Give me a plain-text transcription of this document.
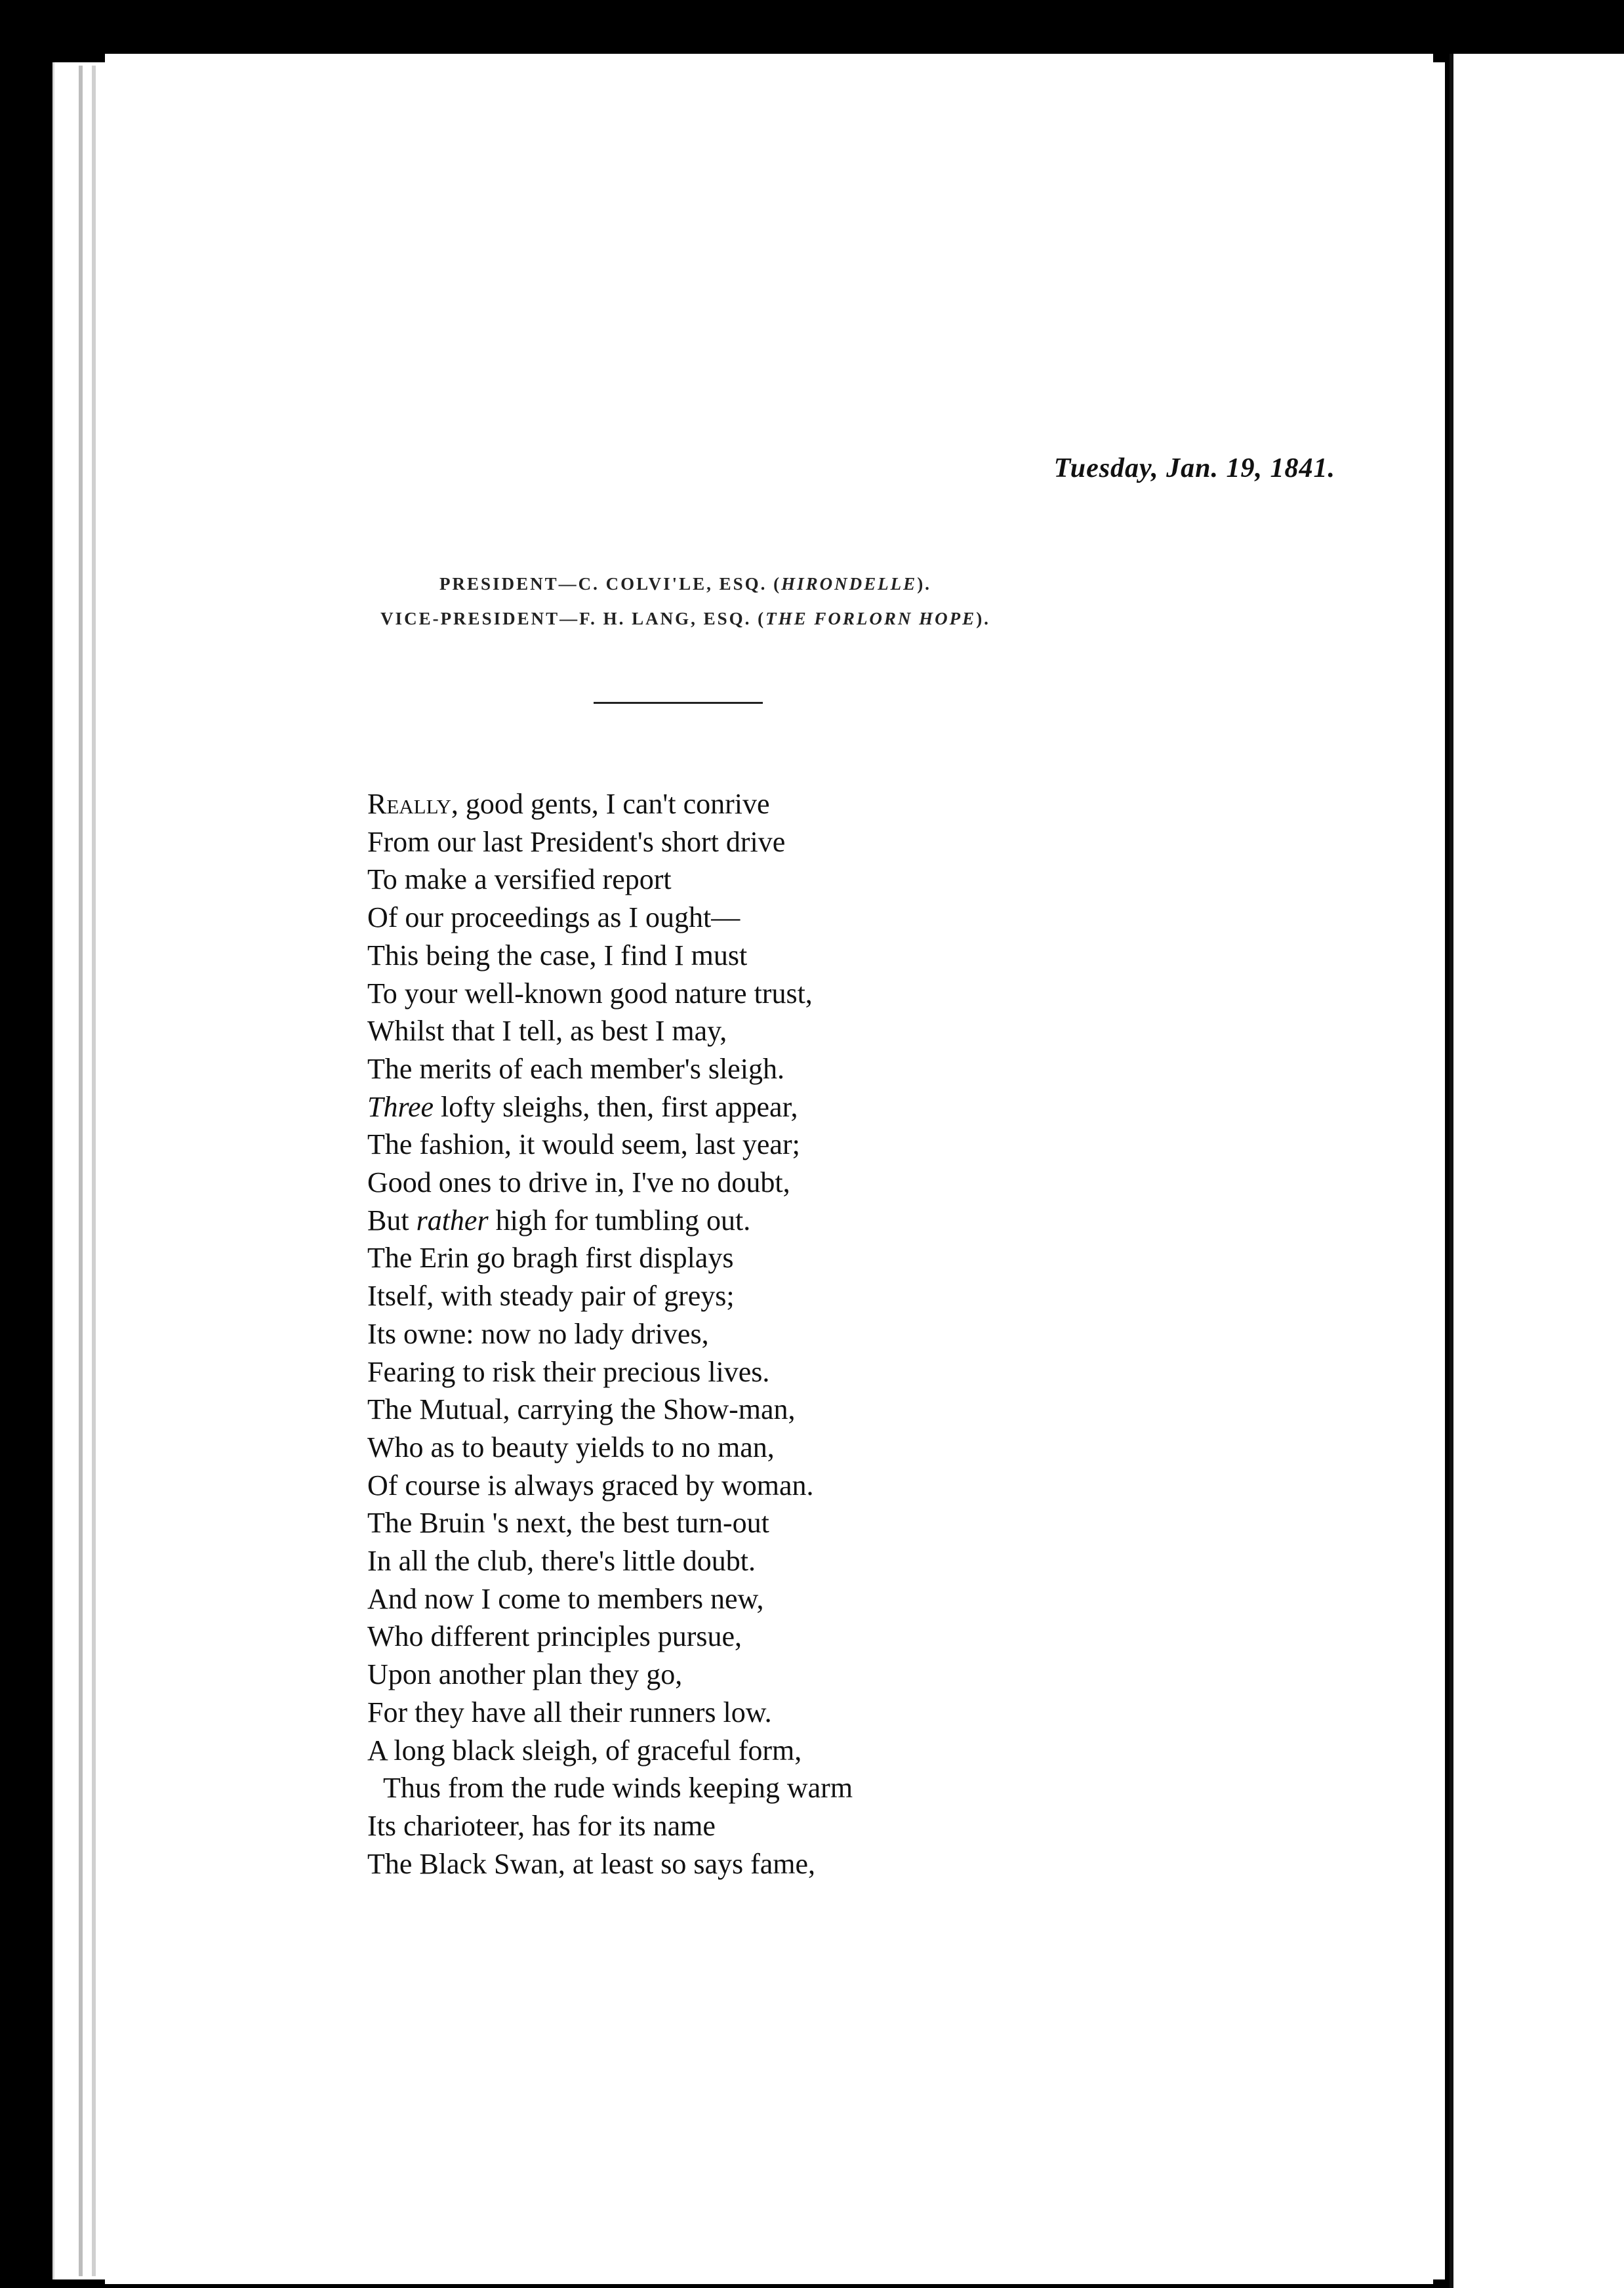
Tuesday, Jan. 19, 1841.
PRESIDENT—C. COLVI'LE, ESQ. (HIRONDELLE).
VICE-PRESIDENT—F. H. LANG, ESQ. (THE FORLORN HOPE).
Really, good gents, I can't conrive
From our last President's short drive
To make a versified report
Of our proceedings as I ought—
This being the case, I find I must
To your well-known good nature trust,
Whilst that I tell, as best I may,
The merits of each member's sleigh.
Three lofty sleighs, then, first appear,
The fashion, it would seem, last year;
Good ones to drive in, I've no doubt,
But rather high for tumbling out.
The Erin go bragh first displays
Itself, with steady pair of greys;
Its owne: now no lady drives,
Fearing to risk their precious lives.
The Mutual, carrying the Show-man,
Who as to beauty yields to no man,
Of course is always graced by woman.
The Bruin 's next, the best turn-out
In all the club, there's little doubt.
And now I come to members new,
Who different principles pursue,
Upon another plan they go,
For they have all their runners low.
A long black sleigh, of graceful form,
Thus from the rude winds keeping warm
Its charioteer, has for its name
The Black Swan, at least so says fame,
